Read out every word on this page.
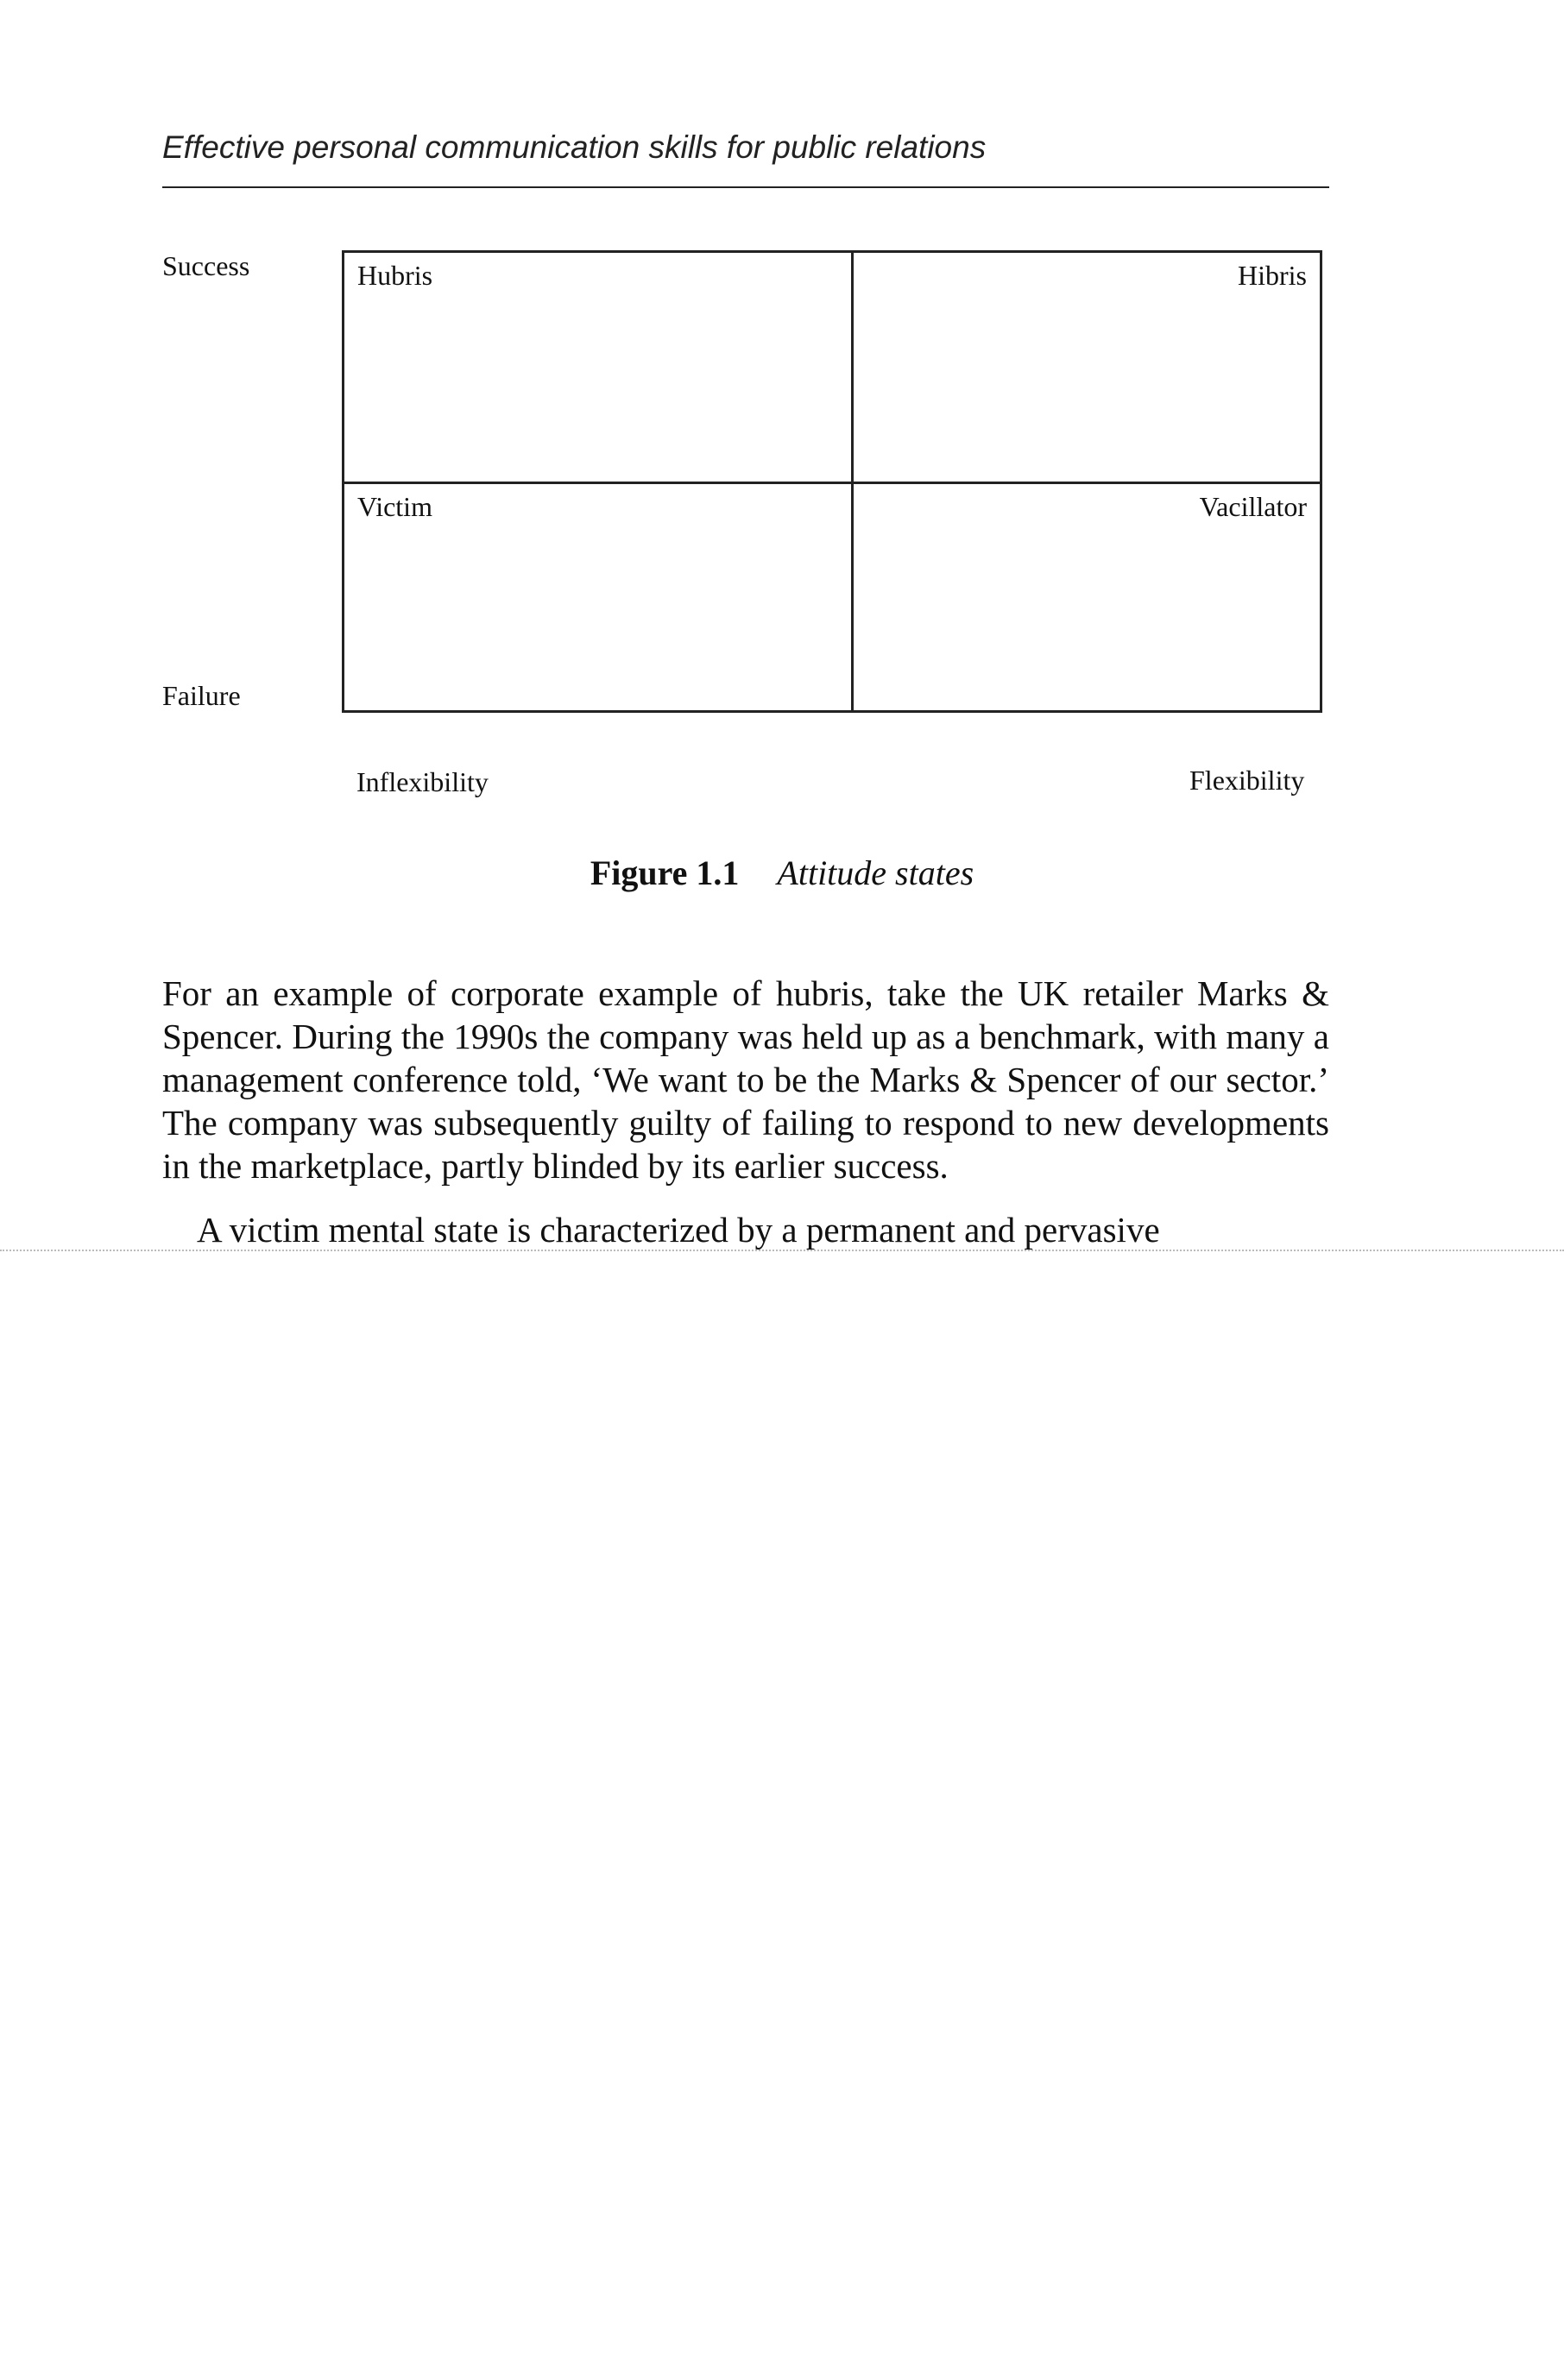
Effective personal communication skills for public relations
Success
Failure
Hubris	Hibris
Victim	Vacillator
Inflexibility	Flexibility
Figure 1.1 Attitude states

For an example of corporate example of hubris, take the UK retailer Marks & Spencer. During the 1990s the company was held up as a benchmark, with many a management conference told, ‘We want to be the Marks & Spencer of our sector.’ The company was subsequently guilty of failing to respond to new developments in the marketplace, partly blinded by its earlier success.

A victim mental state is characterized by a permanent and pervasive
